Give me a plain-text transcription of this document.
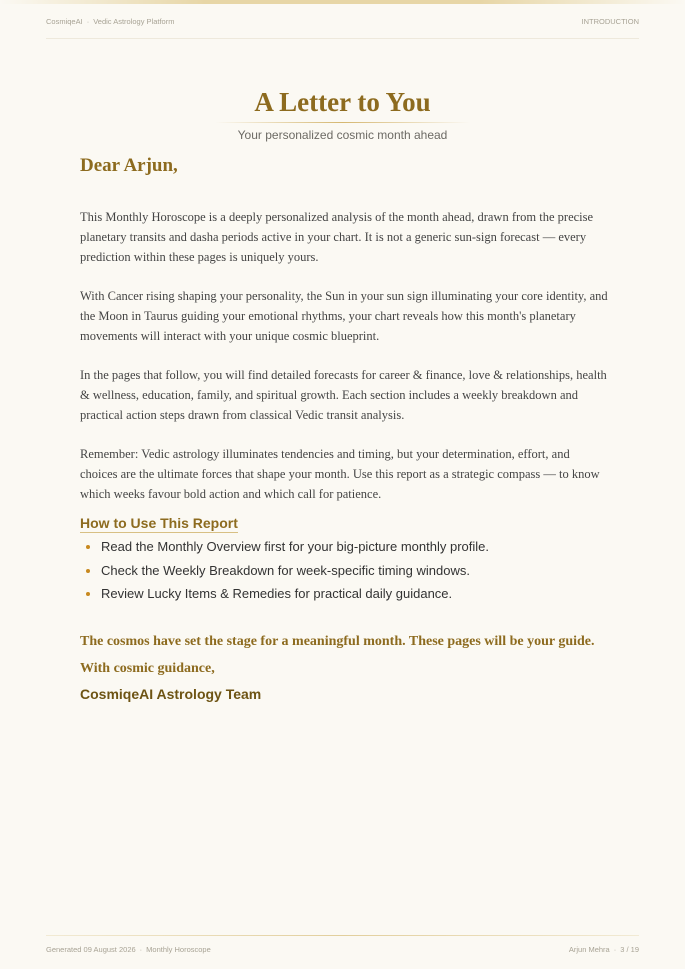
CosmiqeAI · Vedic Astrology Platform	INTRODUCTION
A Letter to You
Your personalized cosmic month ahead
Dear Arjun,
This Monthly Horoscope is a deeply personalized analysis of the month ahead, drawn from the precise planetary transits and dasha periods active in your chart. It is not a generic sun-sign forecast — every prediction within these pages is uniquely yours.
With Cancer rising shaping your personality, the Sun in your sun sign illuminating your core identity, and the Moon in Taurus guiding your emotional rhythms, your chart reveals how this month's planetary movements will interact with your unique cosmic blueprint.
In the pages that follow, you will find detailed forecasts for career & finance, love & relationships, health & wellness, education, family, and spiritual growth. Each section includes a weekly breakdown and practical action steps drawn from classical Vedic transit analysis.
Remember: Vedic astrology illuminates tendencies and timing, but your determination, effort, and choices are the ultimate forces that shape your month. Use this report as a strategic compass — to know which weeks favour bold action and which call for patience.
How to Use This Report
Read the Monthly Overview first for your big-picture monthly profile.
Check the Weekly Breakdown for week-specific timing windows.
Review Lucky Items & Remedies for practical daily guidance.
The cosmos have set the stage for a meaningful month. These pages will be your guide.
With cosmic guidance,
CosmiqeAI Astrology Team
Generated 09 August 2026 · Monthly Horoscope	Arjun Mehra · 3 / 19
